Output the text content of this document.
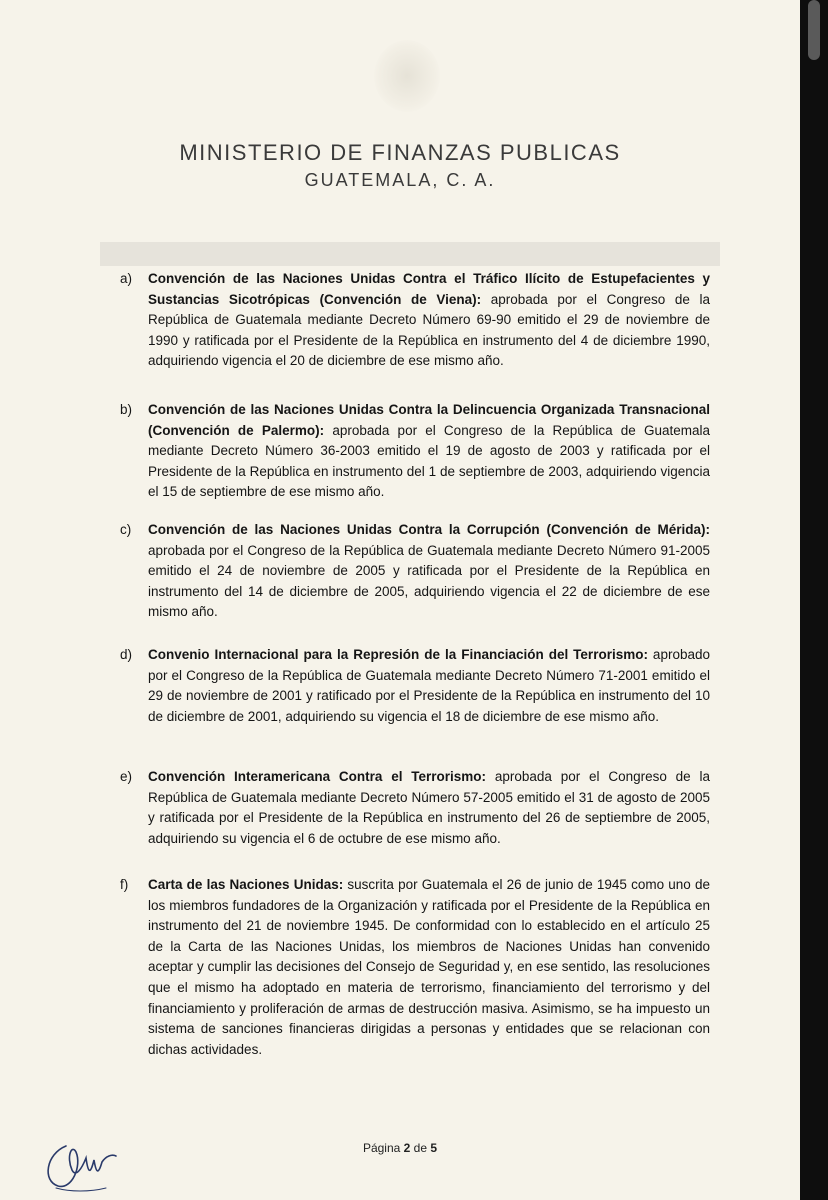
MINISTERIO DE FINANZAS PUBLICAS
GUATEMALA, C. A.
a) Convención de las Naciones Unidas Contra el Tráfico Ilícito de Estupefacientes y Sustancias Sicotrópicas (Convención de Viena): aprobada por el Congreso de la República de Guatemala mediante Decreto Número 69-90 emitido el 29 de noviembre de 1990 y ratificada por el Presidente de la República en instrumento del 4 de diciembre 1990, adquiriendo vigencia el 20 de diciembre de ese mismo año.
b) Convención de las Naciones Unidas Contra la Delincuencia Organizada Transnacional (Convención de Palermo): aprobada por el Congreso de la República de Guatemala mediante Decreto Número 36-2003 emitido el 19 de agosto de 2003 y ratificada por el Presidente de la República en instrumento del 1 de septiembre de 2003, adquiriendo vigencia el 15 de septiembre de ese mismo año.
c) Convención de las Naciones Unidas Contra la Corrupción (Convención de Mérida): aprobada por el Congreso de la República de Guatemala mediante Decreto Número 91-2005 emitido el 24 de noviembre de 2005 y ratificada por el Presidente de la República en instrumento del 14 de diciembre de 2005, adquiriendo vigencia el 22 de diciembre de ese mismo año.
d) Convenio Internacional para la Represión de la Financiación del Terrorismo: aprobado por el Congreso de la República de Guatemala mediante Decreto Número 71-2001 emitido el 29 de noviembre de 2001 y ratificado por el Presidente de la República en instrumento del 10 de diciembre de 2001, adquiriendo su vigencia el 18 de diciembre de ese mismo año.
e) Convención Interamericana Contra el Terrorismo: aprobada por el Congreso de la República de Guatemala mediante Decreto Número 57-2005 emitido el 31 de agosto de 2005 y ratificada por el Presidente de la República en instrumento del 26 de septiembre de 2005, adquiriendo su vigencia el 6 de octubre de ese mismo año.
f) Carta de las Naciones Unidas: suscrita por Guatemala el 26 de junio de 1945 como uno de los miembros fundadores de la Organización y ratificada por el Presidente de la República en instrumento del 21 de noviembre 1945. De conformidad con lo establecido en el artículo 25 de la Carta de las Naciones Unidas, los miembros de Naciones Unidas han convenido aceptar y cumplir las decisiones del Consejo de Seguridad y, en ese sentido, las resoluciones que el mismo ha adoptado en materia de terrorismo, financiamiento del terrorismo y del financiamiento y proliferación de armas de destrucción masiva. Asimismo, se ha impuesto un sistema de sanciones financieras dirigidas a personas y entidades que se relacionan con dichas actividades.
Página 2 de 5
